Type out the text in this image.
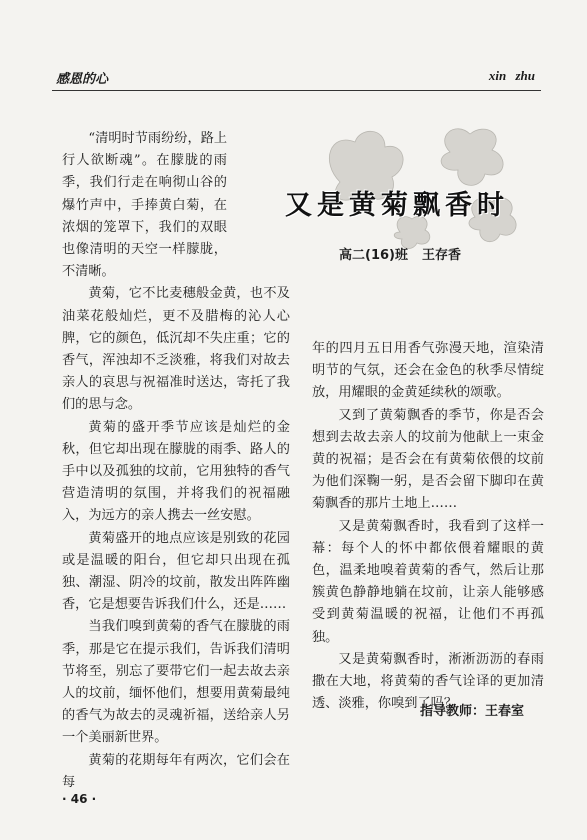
感恩的心	xin zhu
又是黄菊飘香时
高二(16)班 王存香

“清明时节雨纷纷，路上行人欲断魂”。在朦胧的雨季，我们行走在响彻山谷的爆竹声中，手捧黄白菊，在浓烟的笼罩下，我们的双眼也像清明的天空一样朦胧，不清晰。

黄菊，它不比麦穗般金黄，也不及油菜花般灿烂，更不及腊梅的沁人心脾，它的颜色，低沉却不失庄重；它的香气，浑浊却不乏淡雅，将我们对故去亲人的哀思与祝福准时送达，寄托了我们的思与念。

黄菊的盛开季节应该是灿烂的金秋，但它却出现在朦胧的雨季、路人的手中以及孤独的坟前，它用独特的香气营造清明的氛围，并将我们的祝福融入，为远方的亲人携去一丝安慰。

黄菊盛开的地点应该是别致的花园或是温暖的阳台，但它却只出现在孤独、潮湿、阴冷的坟前，散发出阵阵幽香，它是想要告诉我们什么，还是……

当我们嗅到黄菊的香气在朦胧的雨季，那是它在提示我们，告诉我们清明节将至，别忘了要带它们一起去故去亲人的坟前，缅怀他们，想要用黄菊最纯的香气为故去的灵魂祈福，送给亲人另一个美丽新世界。

黄菊的花期每年有两次，它们会在每

年的四月五日用香气弥漫天地，渲染清明节的气氛，还会在金色的秋季尽情绽放，用耀眼的金黄延续秋的颂歌。

又到了黄菊飘香的季节，你是否会想到去故去亲人的坟前为他献上一束金黄的祝福；是否会在有黄菊依偎的坟前为他们深鞠一躬，是否会留下脚印在黄菊飘香的那片土地上……

又是黄菊飘香时，我看到了这样一幕：每个人的怀中都依偎着耀眼的黄色，温柔地嗅着黄菊的香气，然后让那簇黄色静静地躺在坟前，让亲人能够感受到黄菊温暖的祝福，让他们不再孤独。

又是黄菊飘香时，淅淅沥沥的春雨撒在大地，将黄菊的香气诠译的更加清透、淡雅，你嗅到了吗？

指导教师：王春室
· 46 ·
